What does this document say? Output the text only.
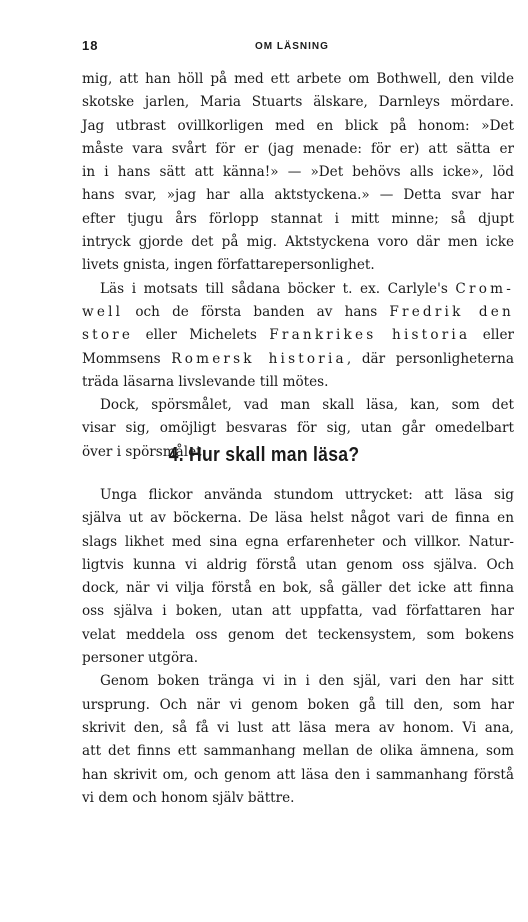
18	OM LÄSNING
mig, att han höll på med ett arbete om Bothwell, den vilde
skotske jarlen, Maria Stuarts älskare, Darnleys mördare.
Jag utbrast ovillkorligen med en blick på honom: »Det
måste vara svårt för er (jag menade: för er) att sätta er
in i hans sätt att känna!» — »Det behövs alls icke», löd
hans svar, »jag har alla aktstyckena.» — Detta svar har
efter tjugu års förlopp stannat i mitt minne; så djupt
intryck gjorde det på mig. Aktstyckena voro där men icke
livets gnista, ingen författarepersonlighet.
Läs i motsats till sådana böcker t. ex. Carlyle's Crom-
well och de första banden av hans Fredrik den
store eller Michelets Frankrikes historia eller
Mommsens Romersk historia, där personligheterna
träda läsarna livslevande till mötes.
Dock, spörsmålet, vad man skall läsa, kan, som det
visar sig, omöjligt besvaras för sig, utan går omedelbart
över i spörsmålet:
4. Hur skall man läsa?
Unga flickor använda stundom uttrycket: att läsa sig
själva ut av böckerna. De läsa helst något vari de finna en
slags likhet med sina egna erfarenheter och villkor. Natur-
ligtvis kunna vi aldrig förstå utan genom oss själva. Och
dock, när vi vilja förstå en bok, så gäller det icke att finna
oss själva i boken, utan att uppfatta, vad författaren har
velat meddela oss genom det teckensystem, som bokens
personer utgöra.
Genom boken tränga vi in i den själ, vari den har sitt
ursprung. Och när vi genom boken gå till den, som har
skrivit den, så få vi lust att läsa mera av honom. Vi ana,
att det finns ett sammanhang mellan de olika ämnena, som
han skrivit om, och genom att läsa den i sammanhang förstå
vi dem och honom själv bättre.
